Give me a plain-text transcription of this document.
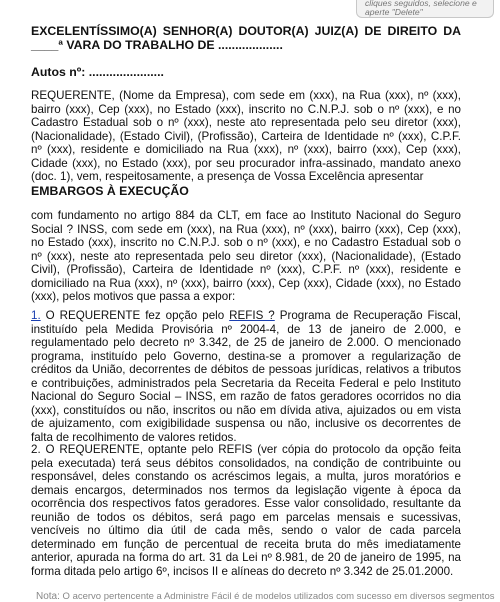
cliques seguidos, selecione e aperte "Delete"
EXCELENTÍSSIMO(A) SENHOR(A) DOUTOR(A) JUIZ(A) DE DIREITO DA ____ª VARA DO TRABALHO DE ...................
Autos nº: ......................
REQUERENTE, (Nome da Empresa), com sede em (xxx), na Rua (xxx), nº (xxx), bairro (xxx), Cep (xxx), no Estado (xxx), inscrito no C.N.P.J. sob o nº (xxx), e no Cadastro Estadual sob o nº (xxx), neste ato representada pelo seu diretor (xxx), (Nacionalidade), (Estado Civil), (Profissão), Carteira de Identidade nº (xxx), C.P.F. nº (xxx), residente e domiciliado na Rua (xxx), nº (xxx), bairro (xxx), Cep (xxx), Cidade (xxx), no Estado (xxx), por seu procurador infra-assinado, mandato anexo (doc. 1), vem, respeitosamente, a presença de Vossa Excelência apresentar
EMBARGOS À EXECUÇÃO
com fundamento no artigo 884 da CLT, em face ao Instituto Nacional do Seguro Social ? INSS, com sede em (xxx), na Rua (xxx), nº (xxx), bairro (xxx), Cep (xxx), no Estado (xxx), inscrito no C.N.P.J. sob o nº (xxx), e no Cadastro Estadual sob o nº (xxx), neste ato representada pelo seu diretor (xxx), (Nacionalidade), (Estado Civil), (Profissão), Carteira de Identidade nº (xxx), C.P.F. nº (xxx), residente e domiciliado na Rua (xxx), nº (xxx), bairro (xxx), Cep (xxx), Cidade (xxx), no Estado (xxx), pelos motivos que passa a expor:
1. O REQUERENTE fez opção pelo REFIS ? Programa de Recuperação Fiscal, instituído pela Medida Provisória nº 2004-4, de 13 de janeiro de 2.000, e regulamentado pelo decreto nº 3.342, de 25 de janeiro de 2.000. O mencionado programa, instituído pelo Governo, destina-se a promover a regularização de créditos da União, decorrentes de débitos de pessoas jurídicas, relativos a tributos e contribuições, administrados pela Secretaria da Receita Federal e pelo Instituto Nacional do Seguro Social – INSS, em razão de fatos geradores ocorridos no dia (xxx), constituídos ou não, inscritos ou não em dívida ativa, ajuizados ou em vista de ajuizamento, com exigibilidade suspensa ou não, inclusive os decorrentes de falta de recolhimento de valores retidos.
2. O REQUERENTE, optante pelo REFIS (ver cópia do protocolo da opção feita pela executada) terá seus débitos consolidados, na condição de contribuinte ou responsável, deles constando os acréscimos legais, a multa, juros moratórios e demais encargos, determinados nos termos da legislação vigente à época da ocorrência dos respectivos fatos geradores. Esse valor consolidado, resultante da reunião de todos os débitos, será pago em parcelas mensais e sucessivas, vencíveis no último dia útil de cada mês, sendo o valor de cada parcela determinado em função de percentual de receita bruta do mês imediatamente anterior, apurada na forma do art. 31 da Lei nº 8.981, de 20 de janeiro de 1995, na forma ditada pelo artigo 6º, incisos II e alíneas do decreto nº 3.342 de 25.01.2000.
Nota: O acervo pertencente a Administre Fácil é de modelos utilizados com sucesso em diversos segmentos
